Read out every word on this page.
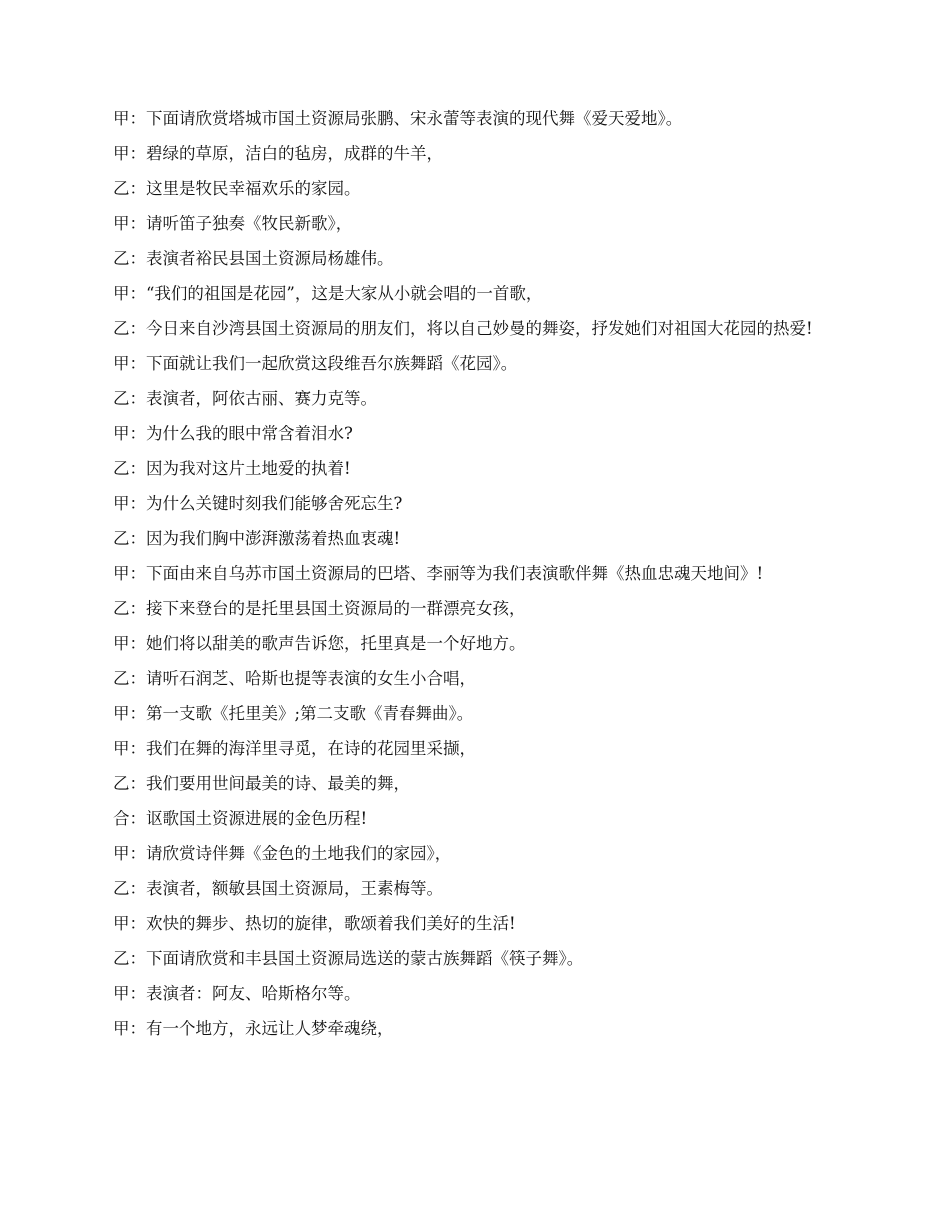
甲：下面请欣赏塔城市国土资源局张鹏、宋永蕾等表演的现代舞《爱天爱地》。

甲：碧绿的草原，洁白的毡房，成群的牛羊，

乙：这里是牧民幸福欢乐的家园。

甲：请听笛子独奏《牧民新歌》，

乙：表演者裕民县国土资源局杨雄伟。

甲：“我们的祖国是花园”，这是大家从小就会唱的一首歌，

乙：今日来自沙湾县国土资源局的朋友们，将以自己妙曼的舞姿，抒发她们对祖国大花园的热爱!

甲：下面就让我们一起欣赏这段维吾尔族舞蹈《花园》。

乙：表演者，阿依古丽、赛力克等。

甲：为什么我的眼中常含着泪水?

乙：因为我对这片土地爱的执着!

甲：为什么关键时刻我们能够舍死忘生?

乙：因为我们胸中澎湃激荡着热血衷魂!

甲：下面由来自乌苏市国土资源局的巴塔、李丽等为我们表演歌伴舞《热血忠魂天地间》!

乙：接下来登台的是托里县国土资源局的一群漂亮女孩，

甲：她们将以甜美的歌声告诉您，托里真是一个好地方。

乙：请听石润芝、哈斯也提等表演的女生小合唱，

甲：第一支歌《托里美》;第二支歌《青春舞曲》。

甲：我们在舞的海洋里寻觅，在诗的花园里采撷，

乙：我们要用世间最美的诗、最美的舞，

合：讴歌国土资源进展的金色历程!

甲：请欣赏诗伴舞《金色的土地我们的家园》，

乙：表演者，额敏县国土资源局，王素梅等。

甲：欢快的舞步、热切的旋律，歌颂着我们美好的生活!

乙：下面请欣赏和丰县国土资源局选送的蒙古族舞蹈《筷子舞》。

甲：表演者：阿友、哈斯格尔等。

甲：有一个地方，永远让人梦牵魂绕，
